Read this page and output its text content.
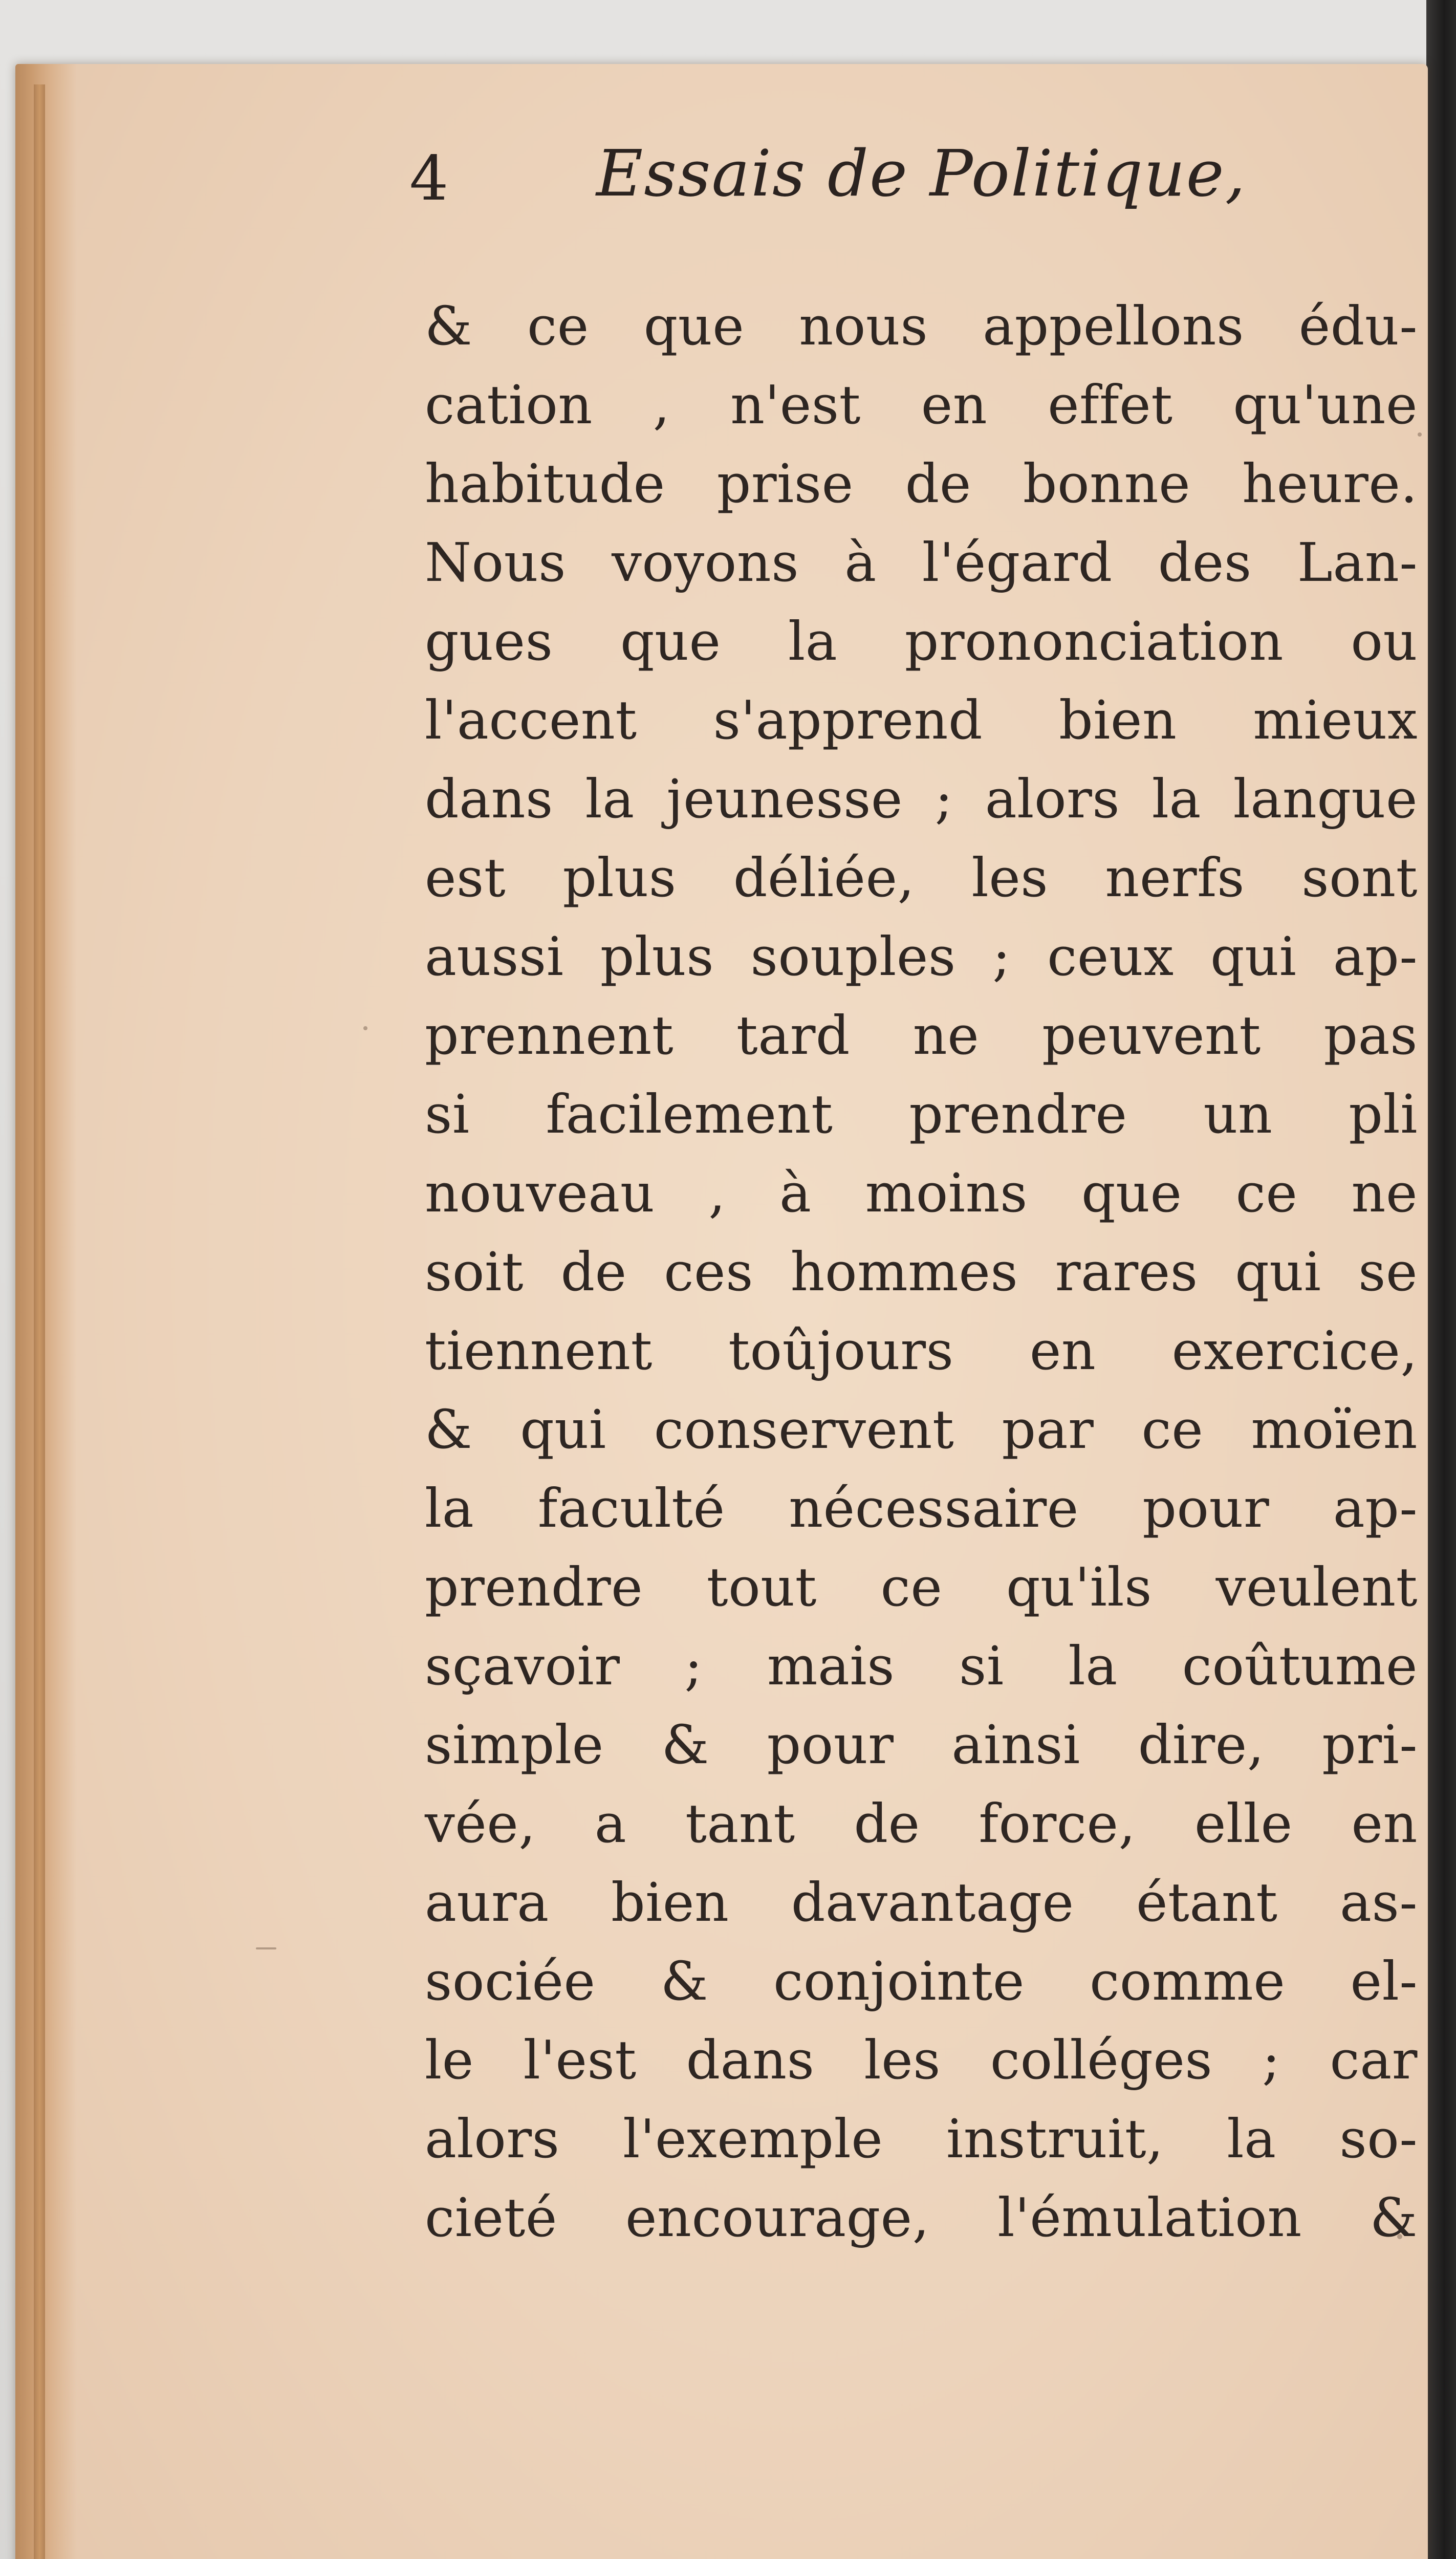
4 Essais de Politique,
& ce que nous appellons édu-
cation , n'est en effet qu'une
habitude prise de bonne heure.
Nous voyons à l'égard des Lan-
gues que la prononciation ou
l'accent s'apprend bien mieux
dans la jeunesse ; alors la langue
est plus déliée, les nerfs sont
aussi plus souples ; ceux qui ap-
prennent tard ne peuvent pas
si facilement prendre un pli
nouveau , à moins que ce ne
soit de ces hommes rares qui se
tiennent toûjours en exercice,
& qui conservent par ce moïen
la faculté nécessaire pour ap-
prendre tout ce qu'ils veulent
sçavoir ; mais si la coûtume
simple & pour ainsi dire, pri-
vée, a tant de force, elle en
aura bien davantage étant as-
sociée & conjointe comme el-
le l'est dans les colléges ; car
alors l'exemple instruit, la so-
cieté encourage, l'émulation &
